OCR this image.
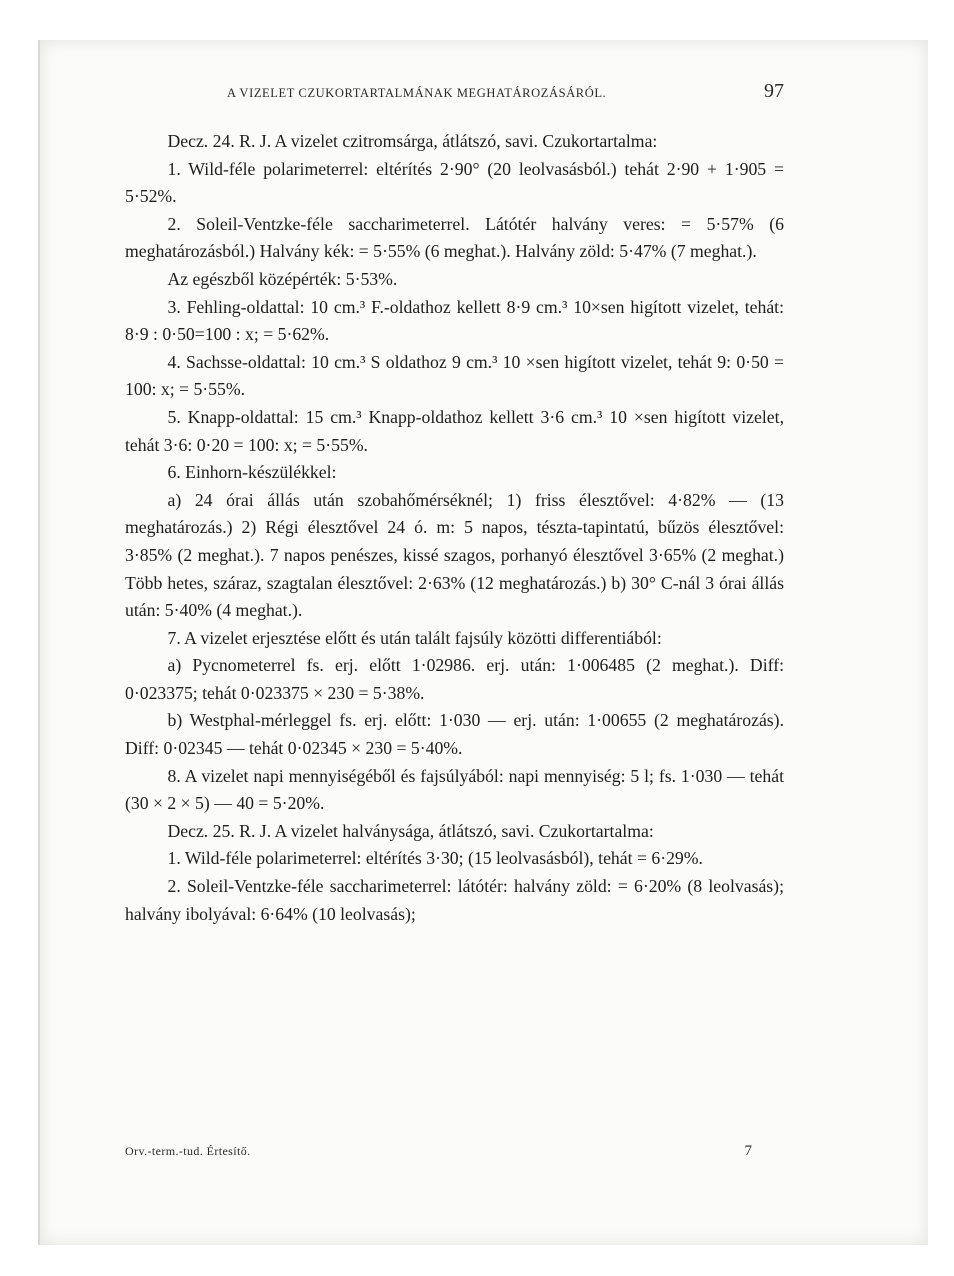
A VIZELET CZUKORTARTALMÁNAK MEGHATÁROZÁSÁRÓL.	97

Decz. 24. R. J. A vizelet czitromsárga, átlátszó, savi. Czukortartalma:

1. Wild-féle polarimeterrel: eltérítés 2·90° (20 leolvasásból.) tehát 2·90 + 1·905 = 5·52%.

2. Soleil-Ventzke-féle saccharimeterrel. Látótér halvány veres: = 5·57% (6 meghatározásból.) Halvány kék: = 5·55% (6 meghat.). Halvány zöld: 5·47% (7 meghat.).

Az egészből középérték: 5·53%.

3. Fehling-oldattal: 10 cm.³ F.-oldathoz kellett 8·9 cm.³ 10×sen higított vizelet, tehát: 8·9 : 0·50=100 : x; = 5·62%.

4. Sachsse-oldattal: 10 cm.³ S oldathoz 9 cm.³ 10 ×sen higított vizelet, tehát 9: 0·50 = 100: x; = 5·55%.

5. Knapp-oldattal: 15 cm.³ Knapp-oldathoz kellett 3·6 cm.³ 10 ×sen higított vizelet, tehát 3·6: 0·20 = 100: x; = 5·55%.

6. Einhorn-készülékkel:

a) 24 órai állás után szobahőmérséknél; 1) friss élesztővel: 4·82% — (13 meghatározás.) 2) Régi élesztővel 24 ó. m: 5 napos, tészta-tapintatú, bűzös élesztővel: 3·85% (2 meghat.). 7 napos penészes, kissé szagos, porhanyó élesztővel 3·65% (2 meghat.) Több hetes, száraz, szagtalan élesztővel: 2·63% (12 meghatározás.) b) 30° C-nál 3 órai állás után: 5·40% (4 meghat.).

7. A vizelet erjesztése előtt és után talált fajsúly közötti differentiából:

a) Pycnometerrel fs. erj. előtt 1·02986. erj. után: 1·006485 (2 meghat.). Diff: 0·023375; tehát 0·023375 × 230 = 5·38%.

b) Westphal-mérleggel fs. erj. előtt: 1·030 — erj. után: 1·00655 (2 meghatározás). Diff: 0·02345 — tehát 0·02345 × 230 = 5·40%.

8. A vizelet napi mennyiségéből és fajsúlyából: napi mennyiség: 5 l; fs. 1·030 — tehát (30 × 2 × 5) — 40 = 5·20%.

Decz. 25. R. J. A vizelet halványsága, átlátszó, savi. Czukortartalma:

1. Wild-féle polarimeterrel: eltérítés 3·30; (15 leolvasásból), tehát = 6·29%.

2. Soleil-Ventzke-féle saccharimeterrel: látótér: halvány zöld: = 6·20% (8 leolvasás); halvány ibolyával: 6·64% (10 leolvasás);

Orv.-term.-tud. Értesítő.	7
